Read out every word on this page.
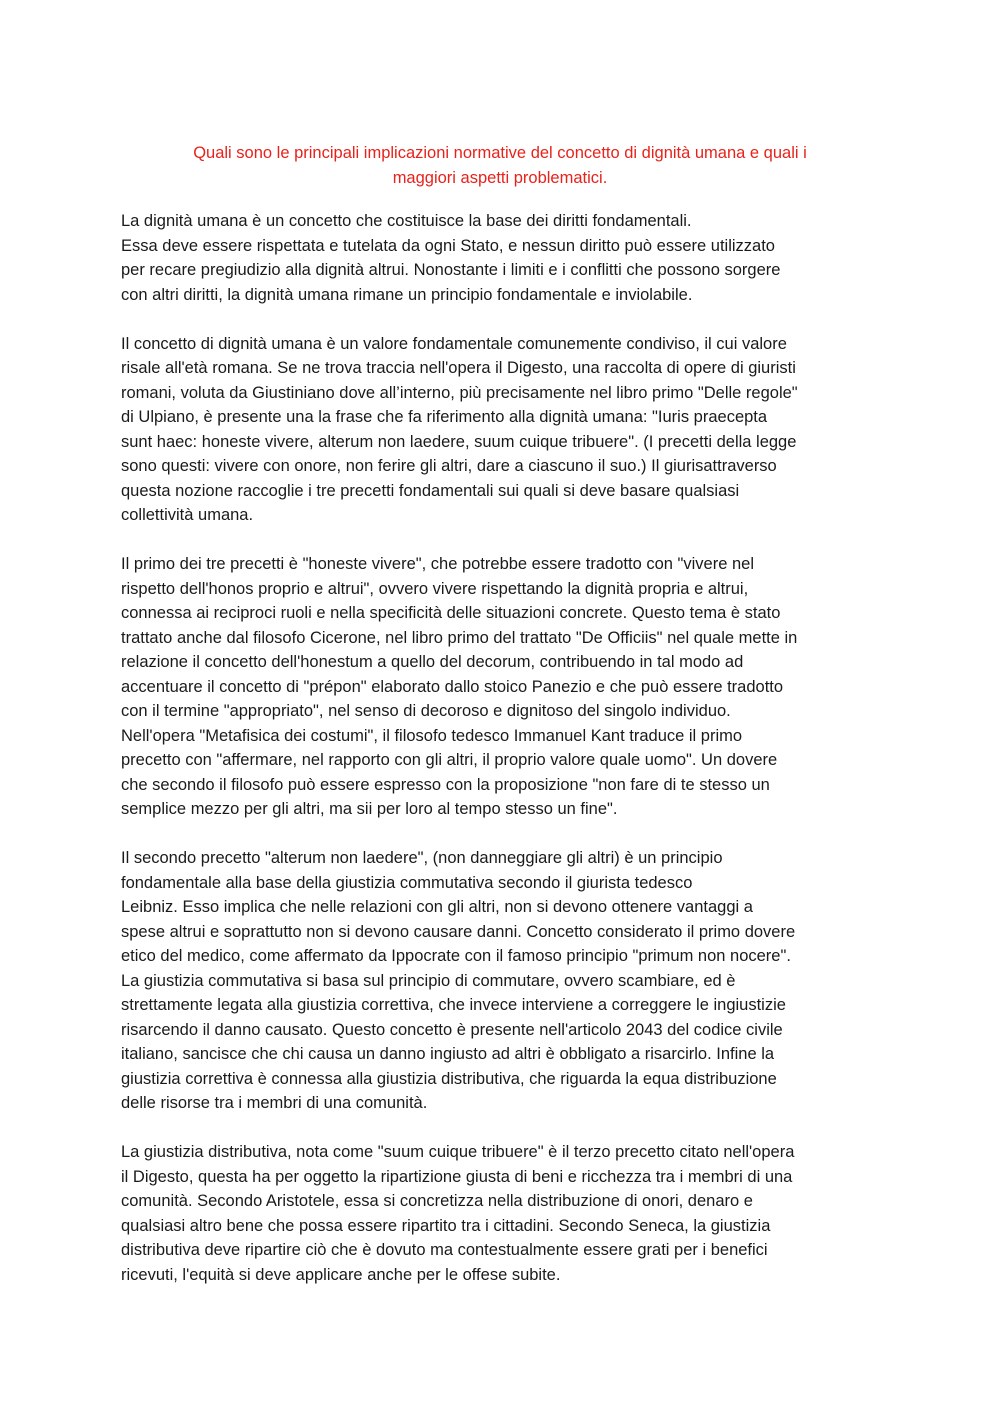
Quali sono le principali implicazioni normative del concetto di dignità umana e quali i
maggiori aspetti problematici.
La dignità umana è un concetto che costituisce la base dei diritti fondamentali.
Essa deve essere rispettata e tutelata da ogni Stato, e nessun diritto può essere utilizzato
per recare pregiudizio alla dignità altrui. Nonostante i limiti e i conflitti che possono sorgere
con altri diritti, la dignità umana rimane un principio fondamentale e inviolabile.
Il concetto di dignità umana è un valore fondamentale comunemente condiviso, il cui valore
risale all'età romana. Se ne trova traccia nell'opera il Digesto, una raccolta di opere di giuristi
romani, voluta da Giustiniano dove all’interno, più precisamente nel libro primo "Delle regole"
di Ulpiano, è presente una la frase che fa riferimento alla dignità umana: "Iuris praecepta
sunt haec: honeste vivere, alterum non laedere, suum cuique tribuere". (I precetti della legge
sono questi: vivere con onore, non ferire gli altri, dare a ciascuno il suo.) Il giurisattraverso
questa nozione raccoglie i tre precetti fondamentali sui quali si deve basare qualsiasi
collettività umana.
Il primo dei tre precetti è "honeste vivere", che potrebbe essere tradotto con "vivere nel
rispetto dell'honos proprio e altrui", ovvero vivere rispettando la dignità propria e altrui,
connessa ai reciproci ruoli e nella specificità delle situazioni concrete. Questo tema è stato
trattato anche dal filosofo Cicerone, nel libro primo del trattato "De Officiis" nel quale mette in
relazione il concetto dell'honestum a quello del decorum, contribuendo in tal modo ad
accentuare il concetto di "prépon" elaborato dallo stoico Panezio e che può essere tradotto
con il termine "appropriato", nel senso di decoroso e dignitoso del singolo individuo.
Nell'opera "Metafisica dei costumi", il filosofo tedesco Immanuel Kant traduce il primo
precetto con "affermare, nel rapporto con gli altri, il proprio valore quale uomo". Un dovere
che secondo il filosofo può essere espresso con la proposizione "non fare di te stesso un
semplice mezzo per gli altri, ma sii per loro al tempo stesso un fine".
Il secondo precetto "alterum non laedere", (non danneggiare gli altri) è un principio
fondamentale alla base della giustizia commutativa secondo il giurista tedesco
Leibniz. Esso implica che nelle relazioni con gli altri, non si devono ottenere vantaggi a
spese altrui e soprattutto non si devono causare danni. Concetto considerato il primo dovere
etico del medico, come affermato da Ippocrate con il famoso principio "primum non nocere".
La giustizia commutativa si basa sul principio di commutare, ovvero scambiare, ed è
strettamente legata alla giustizia correttiva, che invece interviene a correggere le ingiustizie
risarcendo il danno causato. Questo concetto è presente nell'articolo 2043 del codice civile
italiano, sancisce che chi causa un danno ingiusto ad altri è obbligato a risarcirlo. Infine la
giustizia correttiva è connessa alla giustizia distributiva, che riguarda la equa distribuzione
delle risorse tra i membri di una comunità.
La giustizia distributiva, nota come "suum cuique tribuere" è il terzo precetto citato nell'opera
il Digesto, questa ha per oggetto la ripartizione giusta di beni e ricchezza tra i membri di una
comunità. Secondo Aristotele, essa si concretizza nella distribuzione di onori, denaro e
qualsiasi altro bene che possa essere ripartito tra i cittadini. Secondo Seneca, la giustizia
distributiva deve ripartire ciò che è dovuto ma contestualmente essere grati per i benefici
ricevuti, l'equità si deve applicare anche per le offese subite.
